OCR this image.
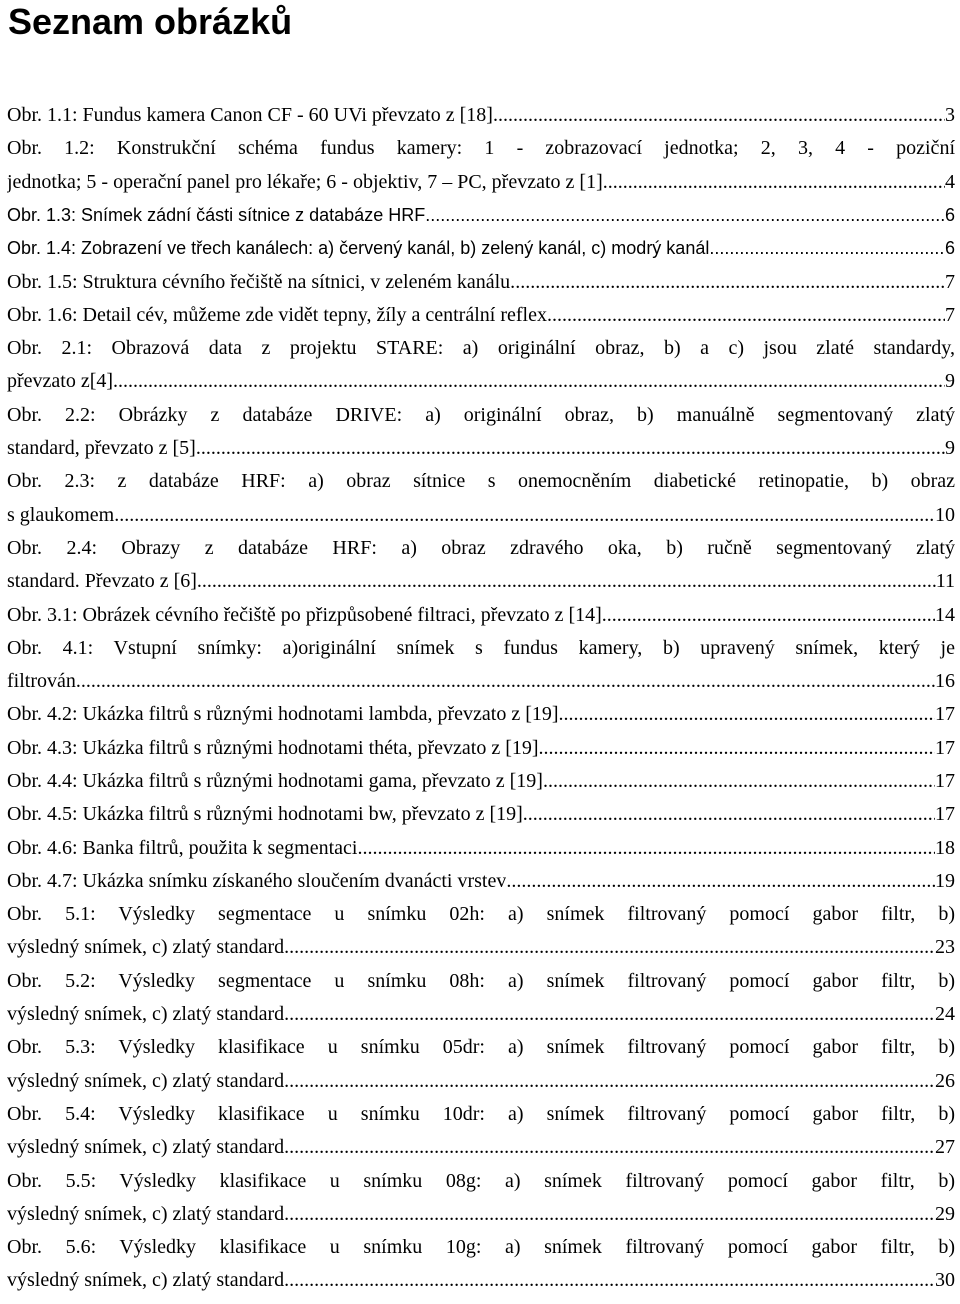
Seznam obrázků
Obr. 1.1: Fundus kamera Canon CF - 60 UVi převzato z [18] .....	3
Obr. 1.2: Konstrukční schéma fundus kamery: 1 - zobrazovací jednotka; 2, 3, 4 - poziční
jednotka; 5 - operační panel pro lékaře; 6 - objektiv, 7 – PC, převzato z [1] .....	4
Obr. 1.3: Snímek zádní části sítnice z databáze HRF .....	6
Obr. 1.4: Zobrazení ve třech kanálech: a) červený kanál, b) zelený kanál, c) modrý kanál .....	6
Obr. 1.5: Struktura cévního řečiště na sítnici, v zeleném kanálu. .....	7
Obr. 1.6: Detail cév, můžeme zde vidět tepny, žíly a centrální reflex. .....	7
Obr. 2.1: Obrazová data z projektu STARE: a) originální obraz, b) a c) jsou zlaté standardy,
převzato z[4] .....	9
Obr. 2.2: Obrázky z databáze DRIVE: a) originální obraz, b) manuálně segmentovaný zlatý
standard, převzato z [5] .....	9
Obr. 2.3: z databáze HRF: a) obraz sítnice s onemocněním diabetické retinopatie, b) obraz
s glaukomem. .....	10
Obr. 2.4: Obrazy z databáze HRF: a) obraz zdravého oka, b) ručně segmentovaný zlatý
standard. Převzato z [6]. .....	11
Obr. 3.1: Obrázek cévního řečiště po přizpůsobené filtraci, převzato z [14]. .....	14
Obr. 4.1: Vstupní snímky: a)originální snímek s fundus kamery, b) upravený snímek, který je
filtrován .....	16
Obr. 4.2: Ukázka filtrů s různými hodnotami lambda, převzato z [19] .....	17
Obr. 4.3: Ukázka filtrů s různými hodnotami théta, převzato z [19] .....	17
Obr. 4.4: Ukázka filtrů s různými hodnotami gama, převzato z [19] .....	17
Obr. 4.5: Ukázka filtrů s různými hodnotami bw, převzato z [19] .....	17
Obr. 4.6: Banka filtrů, použita k segmentaci .....	18
Obr. 4.7: Ukázka snímku získaného sloučením dvanácti vrstev .....	19
Obr. 5.1: Výsledky segmentace u snímku 02h: a) snímek filtrovaný pomocí gabor filtr, b)
výsledný snímek, c) zlatý standard .....	23
Obr. 5.2: Výsledky segmentace u snímku 08h: a) snímek filtrovaný pomocí gabor filtr, b)
výsledný snímek, c) zlatý standard .....	24
Obr. 5.3: Výsledky klasifikace u snímku 05dr: a) snímek filtrovaný pomocí gabor filtr, b)
výsledný snímek, c) zlatý standard .....	26
Obr. 5.4: Výsledky klasifikace u snímku 10dr: a) snímek filtrovaný pomocí gabor filtr, b)
výsledný snímek, c) zlatý standard .....	27
Obr. 5.5: Výsledky klasifikace u snímku 08g: a) snímek filtrovaný pomocí gabor filtr, b)
výsledný snímek, c) zlatý standard .....	29
Obr. 5.6: Výsledky klasifikace u snímku 10g: a) snímek filtrovaný pomocí gabor filtr, b)
výsledný snímek, c) zlatý standard .....	30
